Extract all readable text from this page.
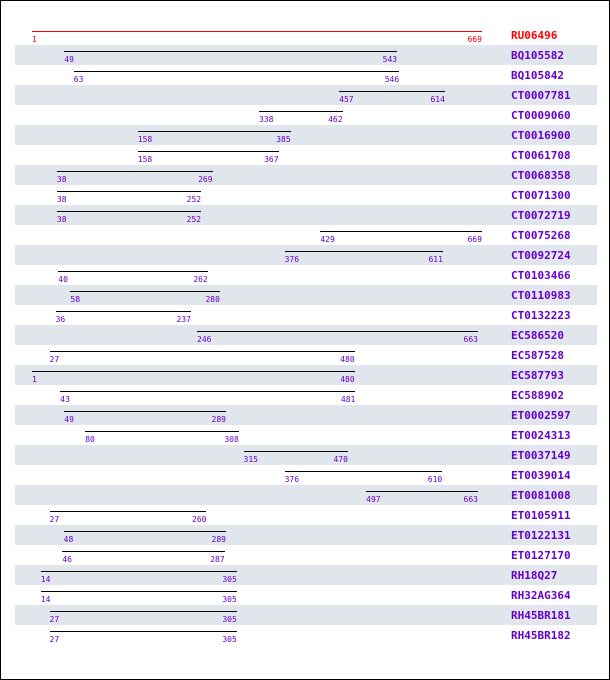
1	669	RU06496
49	543	BQ105582
63	546	BQ105842
457	614	CT0007781
338	462	CT0009060
158	385	CT0016900
158	367	CT0061708
38	269	CT0068358
38	252	CT0071300
38	252	CT0072719
429	669	CT0075268
376	611	CT0092724
40	262	CT0103466
58	280	CT0110983
36	237	CT0132223
246	663	EC586520
27	480	EC587528
1	480	EC587793
43	481	EC588902
49	289	ET0002597
80	308	ET0024313
315	470	ET0037149
376	610	ET0039014
497	663	ET0081008
27	260	ET0105911
48	289	ET0122131
46	287	ET0127170
14	305	RH18Q27
14	305	RH32AG364
27	305	RH45BR181
27	305	RH45BR182
